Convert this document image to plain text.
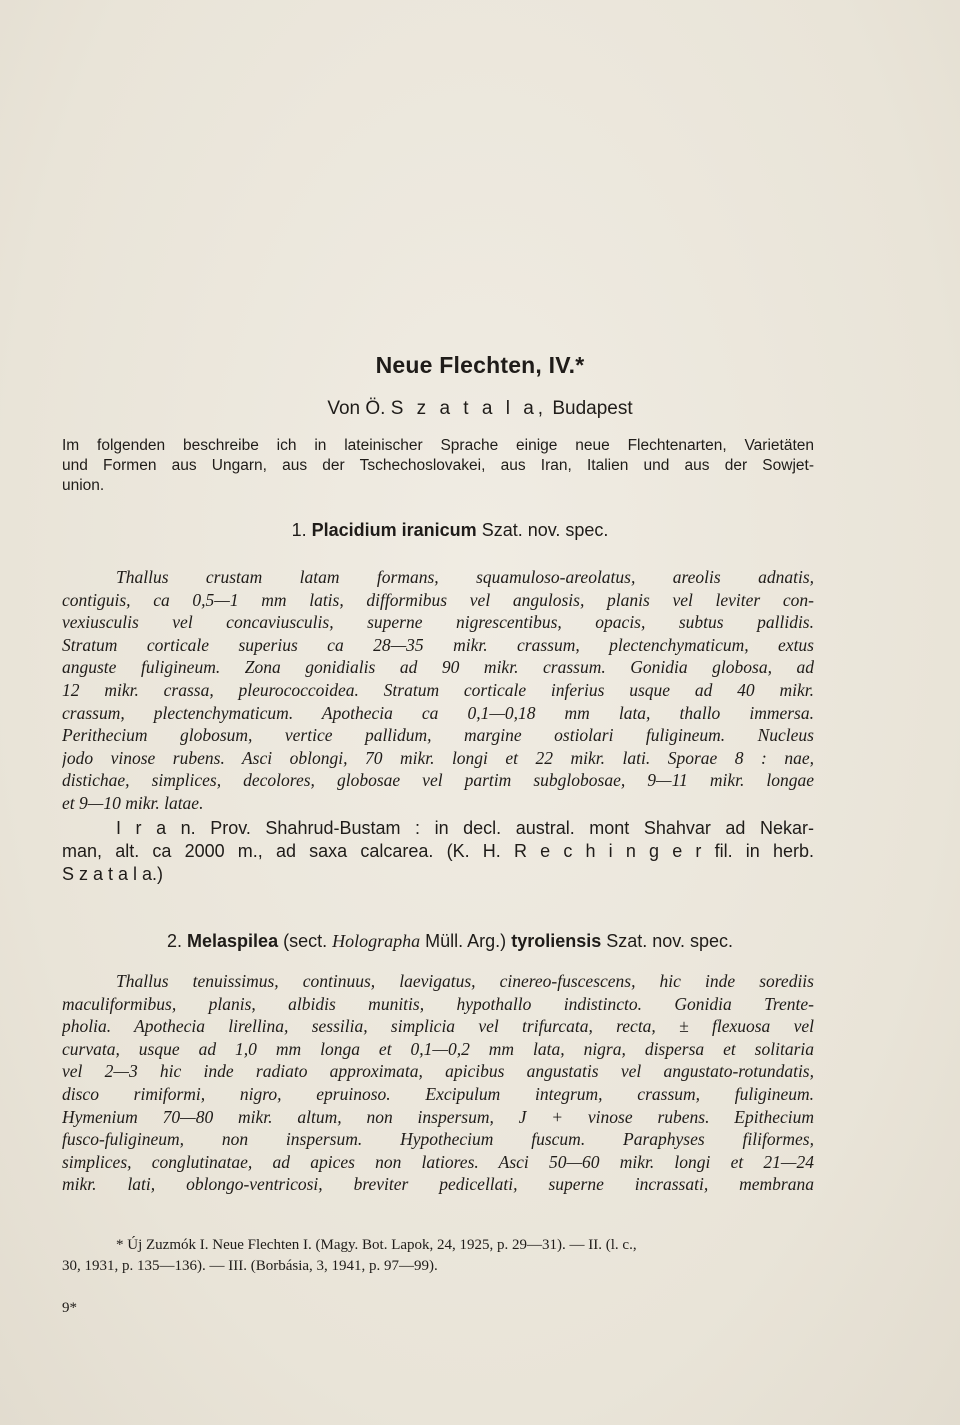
Neue Flechten, IV.*
Von Ö. S z a t a l a, Budapest
Im folgenden beschreibe ich in lateinischer Sprache einige neue Flechtenarten, Varietäten
und Formen aus Ungarn, aus der Tschechoslovakei, aus Iran, Italien und aus der Sowjet-
union.
1. Placidium iranicum Szat. nov. spec.
Thallus crustam latam formans, squamuloso-areolatus, areolis adnatis,
contiguis, ca 0,5—1 mm latis, difformibus vel angulosis, planis vel leviter con-
vexiusculis vel concaviusculis, superne nigrescentibus, opacis, subtus pallidis.
Stratum corticale superius ca 28—35 mikr. crassum, plectenchymaticum, extus
anguste fuligineum. Zona gonidialis ad 90 mikr. crassum. Gonidia globosa, ad
12 mikr. crassa, pleurococcoidea. Stratum corticale inferius usque ad 40 mikr.
crassum, plectenchymaticum. Apothecia ca 0,1—0,18 mm lata, thallo immersa.
Perithecium globosum, vertice pallidum, margine ostiolari fuligineum. Nucleus
jodo vinose rubens. Asci oblongi, 70 mikr. longi et 22 mikr. lati. Sporae 8 : nae,
distichae, simplices, decolores, globosae vel partim subglobosae, 9—11 mikr. longae
et 9—10 mikr. latae.
I r a n. Prov. Shahrud-Bustam : in decl. austral. mont Shahvar ad Nekar-
man, alt. ca 2000 m., ad saxa calcarea. (K. H. R e c h i n g e r fil. in herb.
S z a t a l a.)
2. Melaspilea (sect. Holographa Müll. Arg.) tyroliensis Szat. nov. spec.
Thallus tenuissimus, continuus, laevigatus, cinereo-fuscescens, hic inde sorediis
maculiformibus, planis, albidis munitis, hypothallo indistincto. Gonidia Trente-
pholia. Apothecia lirellina, sessilia, simplicia vel trifurcata, recta, ± flexuosa vel
curvata, usque ad 1,0 mm longa et 0,1—0,2 mm lata, nigra, dispersa et solitaria
vel 2—3 hic inde radiato approximata, apicibus angustatis vel angustato-rotundatis,
disco rimiformi, nigro, epruinoso. Excipulum integrum, crassum, fuligineum.
Hymenium 70—80 mikr. altum, non inspersum, J + vinose rubens. Epithecium
fusco-fuligineum, non inspersum. Hypothecium fuscum. Paraphyses filiformes,
simplices, conglutinatae, ad apices non latiores. Asci 50—60 mikr. longi et 21—24
mikr. lati, oblongo-ventricosi, breviter pedicellati, superne incrassati, membrana
* Új Zuzmók I. Neue Flechten I. (Magy. Bot. Lapok, 24, 1925, p. 29—31). — II. (l. c.,
30, 1931, p. 135—136). — III. (Borbásia, 3, 1941, p. 97—99).
9*
